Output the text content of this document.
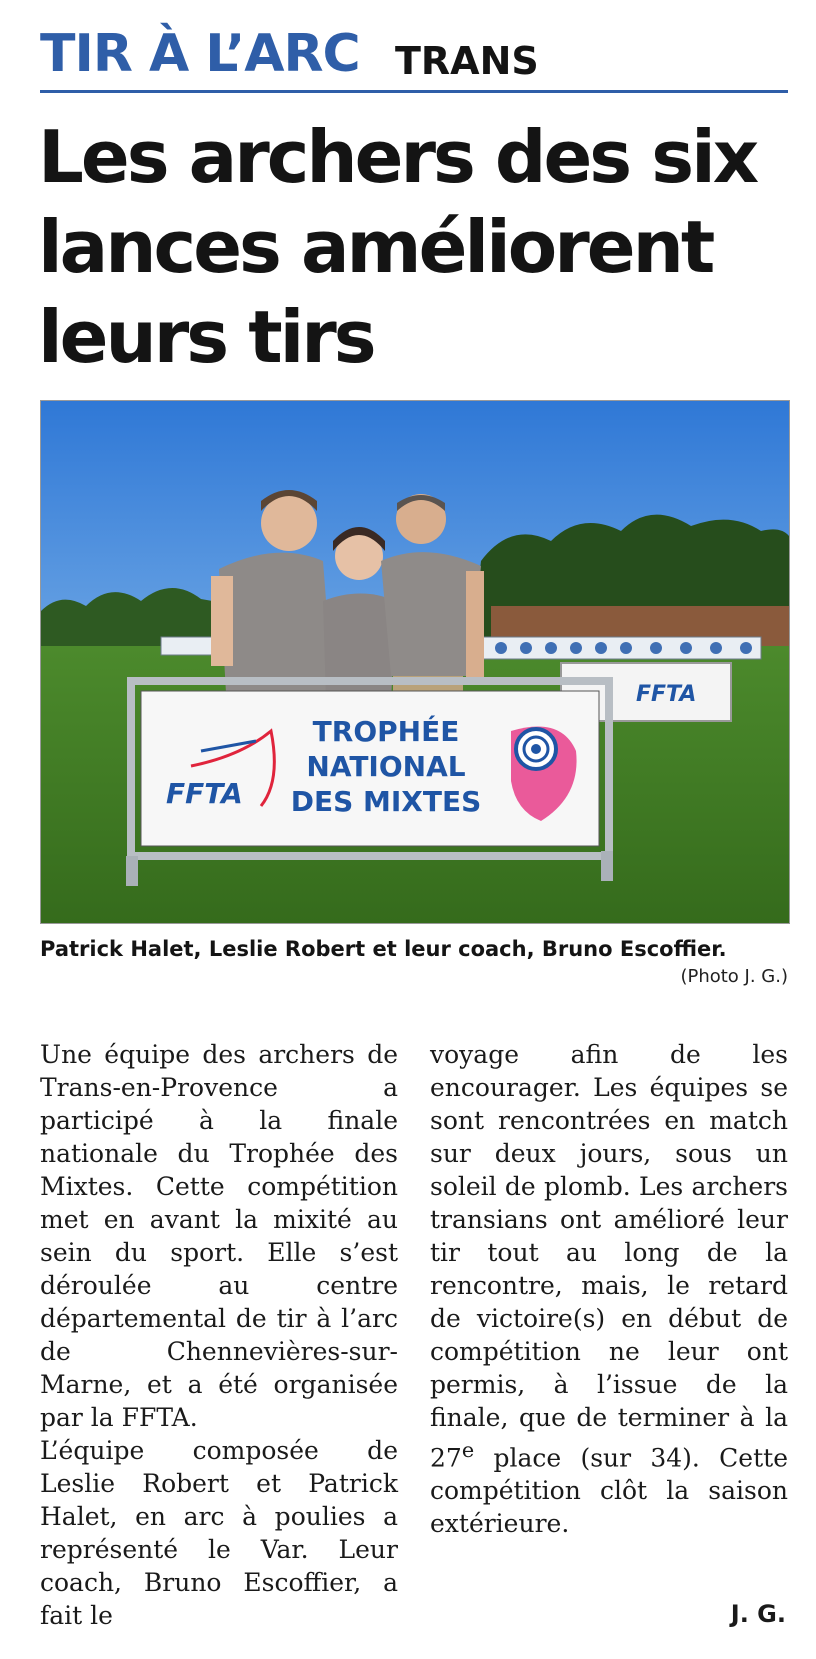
TIR À L’ARC TRANS
Les archers des six lances améliorent leurs tirs
FFTA
FFTA
TROPHÉE
NATIONAL
DES MIXTES
Patrick Halet, Leslie Robert et leur coach, Bruno Escoffier.
(Photo J. G.)

Une équipe des archers de Trans-en-Provence a participé à la finale nationale du Trophée des Mixtes. Cette compétition met en avant la mixité au sein du sport. Elle s’est déroulée au centre départemental de tir à l’arc de Chennevières-sur-Marne, et a été organisée par la FFTA.

L’équipe composée de Leslie Robert et Patrick Halet, en arc à poulies a représenté le Var. Leur coach, Bruno Escoffier, a fait le

voyage afin de les encourager. Les équipes se sont rencontrées en match sur deux jours, sous un soleil de plomb. Les archers transians ont amélioré leur tir tout au long de la rencontre, mais, le retard de victoire(s) en début de compétition ne leur ont permis, à l’issue de la finale, que de terminer à la 27e place (sur 34). Cette compétition clôt la saison extérieure.

J. G.
